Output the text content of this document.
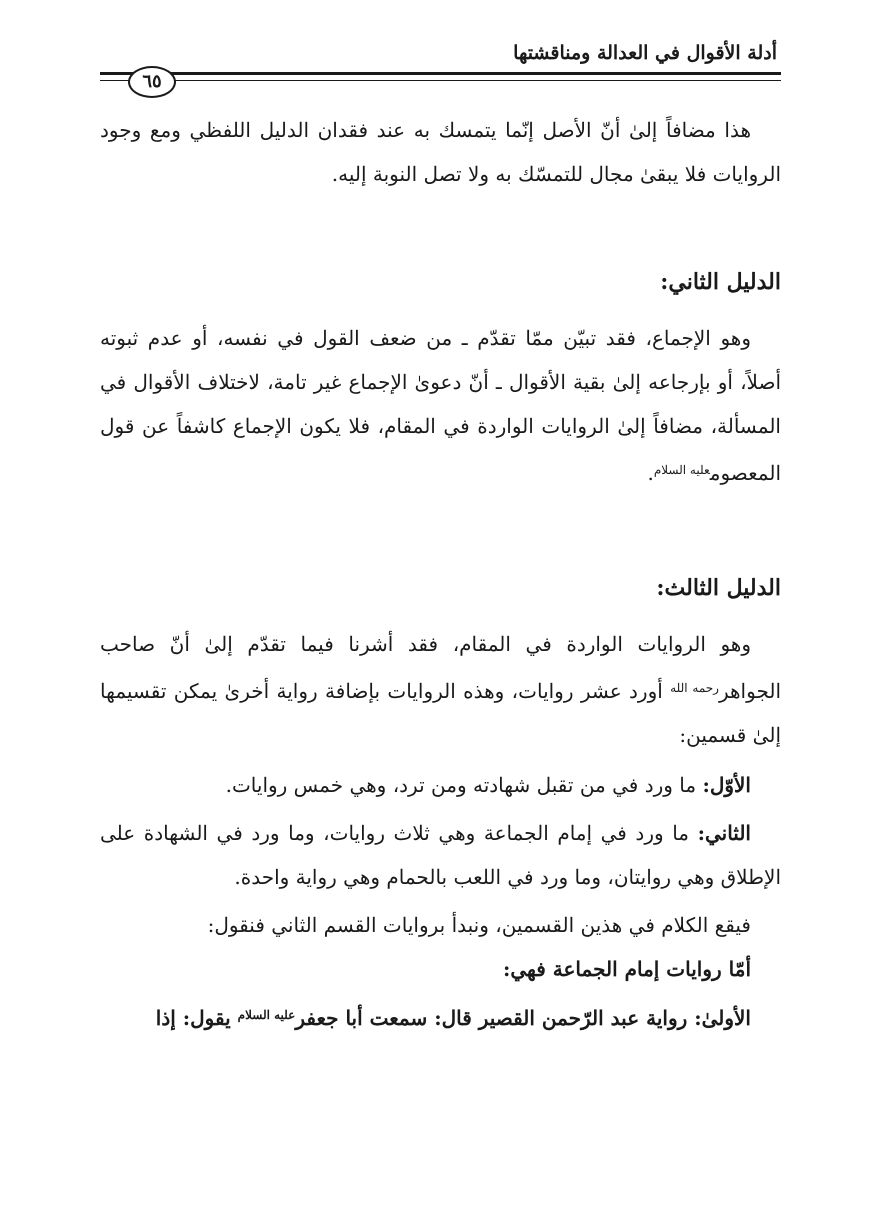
أدلة الأقوال في العدالة ومناقشتها
٦٥

هذا مضافاً إلىٰ أنّ الأصل إنّما يتمسك به عند فقدان الدليل اللفظي ومع وجود الروايات فلا يبقىٰ مجال للتمسّك به ولا تصل النوبة إليه.

الدليل الثاني:

وهو الإجماع، فقد تبيّن ممّا تقدّم ـ من ضعف القول في نفسه، أو عدم ثبوته أصلاً، أو بإرجاعه إلىٰ بقية الأقوال ـ أنّ دعوىٰ الإجماع غير تامة، لاختلاف الأقوال في المسألة، مضافاً إلىٰ الروايات الواردة في المقام، فلا يكون الإجماع كاشفاً عن قول المعصوم$^{عليه السلام}$.

الدليل الثالث:

وهو الروايات الواردة في المقام، فقد أشرنا فيما تقدّم إلىٰ أنّ صاحب الجواهر$^{رحمه الله}$ أورد عشر روايات، وهذه الروايات بإضافة رواية أخرىٰ يمكن تقسيمها إلىٰ قسمين:

الأوّل: ما ورد في من تقبل شهادته ومن ترد، وهي خمس روايات.

الثاني: ما ورد في إمام الجماعة وهي ثلاث روايات، وما ورد في الشهادة على الإطلاق وهي روايتان، وما ورد في اللعب بالحمام وهي رواية واحدة.

فيقع الكلام في هذين القسمين، ونبدأ بروايات القسم الثاني فنقول:

أمّا روايات إمام الجماعة فهي:

الأولىٰ: رواية عبد الرّحمن القصير قال: سمعت أبا جعفر$^{عليه السلام}$ يقول: إذا
